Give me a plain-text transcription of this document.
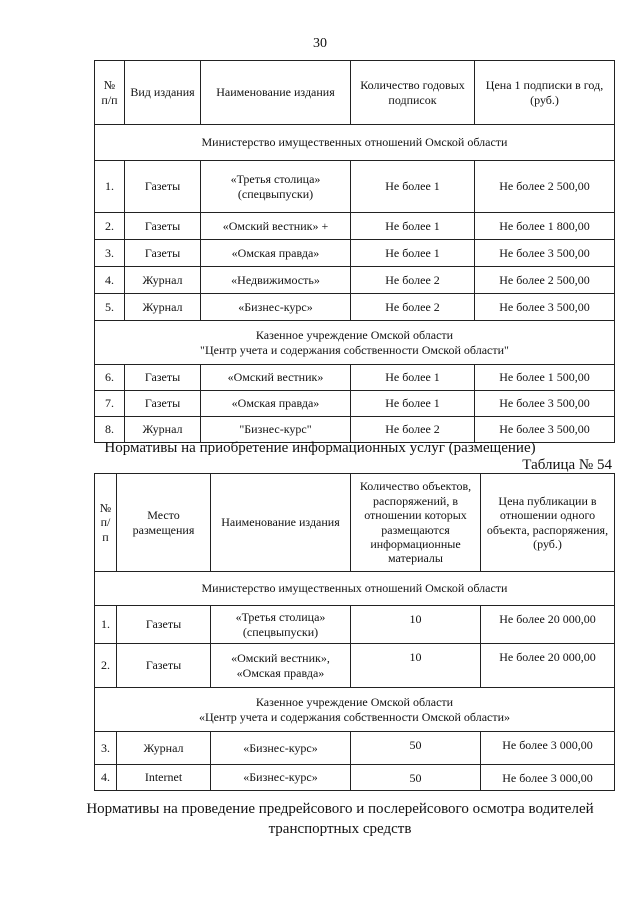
30
№ п/п	Вид издания	Наименование издания	Количество годовых подписок	Цена 1 подписки в год, (руб.)

Министерство имущественных отношений Омской области				

1.	Газеты	«Третья столица» (спецвыпуски)	Не более 1	Не более 2 500,00
2.	Газеты	«Омский вестник» +	Не более 1	Не более 1 800,00
3.	Газеты	«Омская правда»	Не более 1	Не более 3 500,00
4.	Журнал	«Недвижимость»	Не более 2	Не более 2 500,00
5.	Журнал	«Бизнес-курс»	Не более 2	Не более 3 500,00

Казенное учреждение Омской области
"Центр учета и содержания собственности Омской области"				

6.	Газеты	«Омский вестник»	Не более 1	Не более 1 500,00
7.	Газеты	«Омская правда»	Не более 1	Не более 3 500,00
8.	Журнал	"Бизнес-курс"	Не более 2	Не более 3 500,00
Нормативы на приобретение информационных услуг (размещение)
Таблица № 54
№ п/п	Место размещения	Наименование издания	Количество объектов, распоряжений, в отношении которых размещаются информационные материалы	Цена публикации в отношении одного объекта, распоряжения, (руб.)

Министерство имущественных отношений Омской области				

1.	Газеты	«Третья столица» (спецвыпуски)	10	Не более 20 000,00
2.	Газеты	«Омский вестник», «Омская правда»	10	Не более 20 000,00

Казенное учреждение Омской области
«Центр учета и содержания собственности Омской области»				

3.	Журнал	«Бизнес-курс»	50	Не более 3 000,00
4.	Internet	«Бизнес-курс»	50	Не более 3 000,00
Нормативы на проведение предрейсового и послерейсового осмотра водителей транспортных средств
